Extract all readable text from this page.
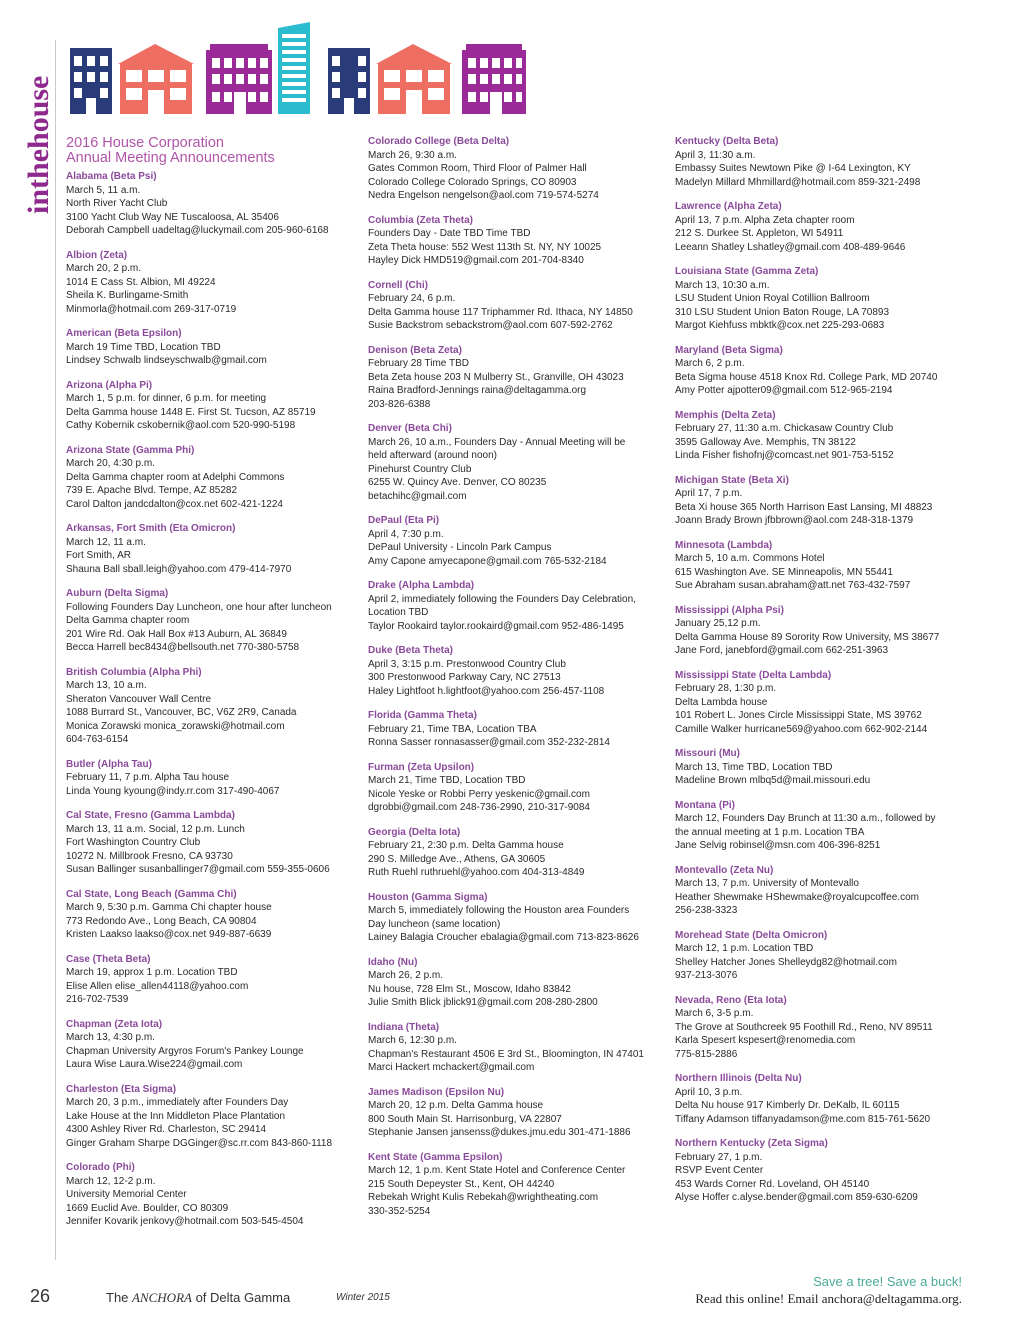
inthehouse 2016 House Corporation
Annual Meeting Announcements
Alabama (Beta Psi)
March 5, 11 a.m.
North River Yacht Club
3100 Yacht Club Way NE Tuscaloosa, AL 35406
Deborah Campbell uadeltag@luckymail.com 205-960-6168
Albion (Zeta)
March 20, 2 p.m.
1014 E Cass St. Albion, MI 49224
Sheila K. Burlingame-Smith
Minmorla@hotmail.com 269-317-0719
American (Beta Epsilon)
March 19 Time TBD, Location TBD
Lindsey Schwalb lindseyschwalb@gmail.com
Arizona (Alpha Pi)
March 1, 5 p.m. for dinner, 6 p.m. for meeting
Delta Gamma house 1448 E. First St. Tucson, AZ 85719
Cathy Kobernik cskobernik@aol.com 520-990-5198
Arizona State (Gamma Phi)
March 20, 4:30 p.m.
Delta Gamma chapter room at Adelphi Commons
739 E. Apache Blvd. Tempe, AZ 85282
Carol Dalton jandcdalton@cox.net 602-421-1224
Arkansas, Fort Smith (Eta Omicron)
March 12, 11 a.m.
Fort Smith, AR
Shauna Ball sball.leigh@yahoo.com 479-414-7970
Auburn (Delta Sigma)
Following Founders Day Luncheon, one hour after luncheon
Delta Gamma chapter room
201 Wire Rd. Oak Hall Box #13 Auburn, AL 36849
Becca Harrell bec8434@bellsouth.net 770-380-5758
British Columbia (Alpha Phi)
March 13, 10 a.m.
Sheraton Vancouver Wall Centre
1088 Burrard St., Vancouver, BC, V6Z 2R9, Canada
Monica Zorawski monica_zorawski@hotmail.com
604-763-6154
Butler (Alpha Tau)
February 11, 7 p.m. Alpha Tau house
Linda Young kyoung@indy.rr.com 317-490-4067
Cal State, Fresno (Gamma Lambda)
March 13, 11 a.m. Social, 12 p.m. Lunch
Fort Washington Country Club
10272 N. Millbrook Fresno, CA 93730
Susan Ballinger susanballinger7@gmail.com 559-355-0606
Cal State, Long Beach (Gamma Chi)
March 9, 5:30 p.m. Gamma Chi chapter house
773 Redondo Ave., Long Beach, CA 90804
Kristen Laakso laakso@cox.net 949-887-6639
Case (Theta Beta)
March 19, approx 1 p.m. Location TBD
Elise Allen elise_allen44118@yahoo.com
216-702-7539
Chapman (Zeta Iota)
March 13, 4:30 p.m.
Chapman University Argyros Forum's Pankey Lounge
Laura Wise Laura.Wise224@gmail.com
Charleston (Eta Sigma)
March 20, 3 p.m., immediately after Founders Day
Lake House at the Inn Middleton Place Plantation
4300 Ashley River Rd. Charleston, SC 29414
Ginger Graham Sharpe DGGinger@sc.rr.com 843-860-1118
Colorado (Phi)
March 12, 12-2 p.m.
University Memorial Center
1669 Euclid Ave. Boulder, CO 80309
Jennifer Kovarik jenkovy@hotmail.com 503-545-4504
Colorado College (Beta Delta)
March 26, 9:30 a.m.
Gates Common Room, Third Floor of Palmer Hall
Colorado College Colorado Springs, CO 80903
Nedra Engelson nengelson@aol.com 719-574-5274
Columbia (Zeta Theta)
Founders Day - Date TBD Time TBD
Zeta Theta house: 552 West 113th St. NY, NY 10025
Hayley Dick HMD519@gmail.com 201-704-8340
Cornell (Chi)
February 24, 6 p.m.
Delta Gamma house 117 Triphammer Rd. Ithaca, NY 14850
Susie Backstrom sebackstrom@aol.com 607-592-2762
Denison (Beta Zeta)
February 28 Time TBD
Beta Zeta house 203 N Mulberry St., Granville, OH 43023
Raina Bradford-Jennings raina@deltagamma.org
203-826-6388
Denver (Beta Chi)
March 26, 10 a.m., Founders Day - Annual Meeting will be
held afterward (around noon)
Pinehurst Country Club
6255 W. Quincy Ave. Denver, CO 80235
betachihc@gmail.com
DePaul (Eta Pi)
April 4, 7:30 p.m.
DePaul University - Lincoln Park Campus
Amy Capone amyecapone@gmail.com 765-532-2184
Drake (Alpha Lambda)
April 2, immediately following the Founders Day Celebration,
Location TBD
Taylor Rookaird taylor.rookaird@gmail.com 952-486-1495
Duke (Beta Theta)
April 3, 3:15 p.m. Prestonwood Country Club
300 Prestonwood Parkway Cary, NC 27513
Haley Lightfoot h.lightfoot@yahoo.com 256-457-1108
Florida (Gamma Theta)
February 21, Time TBA, Location TBA
Ronna Sasser ronnasasser@gmail.com 352-232-2814
Furman (Zeta Upsilon)
March 21, Time TBD, Location TBD
Nicole Yeske or Robbi Perry yeskenic@gmail.com
dgrobbi@gmail.com 248-736-2990, 210-317-9084
Georgia (Delta Iota)
February 21, 2:30 p.m. Delta Gamma house
290 S. Milledge Ave., Athens, GA 30605
Ruth Ruehl ruthruehl@yahoo.com 404-313-4849
Houston (Gamma Sigma)
March 5, immediately following the Houston area Founders
Day luncheon (same location)
Lainey Balagia Croucher ebalagia@gmail.com 713-823-8626
Idaho (Nu)
March 26, 2 p.m.
Nu house, 728 Elm St., Moscow, Idaho 83842
Julie Smith Blick jblick91@gmail.com 208-280-2800
Indiana (Theta)
March 6, 12:30 p.m.
Chapman's Restaurant 4506 E 3rd St., Bloomington, IN 47401
Marci Hackert mchackert@gmail.com
James Madison (Epsilon Nu)
March 20, 12 p.m. Delta Gamma house
800 South Main St. Harrisonburg, VA 22807
Stephanie Jansen jansenss@dukes.jmu.edu 301-471-1886
Kent State (Gamma Epsilon)
March 12, 1 p.m. Kent State Hotel and Conference Center
215 South Depeyster St., Kent, OH 44240
Rebekah Wright Kulis Rebekah@wrightheating.com
330-352-5254
Kentucky (Delta Beta)
April 3, 11:30 a.m.
Embassy Suites Newtown Pike @ I-64 Lexington, KY
Madelyn Millard Mhmillard@hotmail.com 859-321-2498
Lawrence (Alpha Zeta)
April 13, 7 p.m. Alpha Zeta chapter room
212 S. Durkee St. Appleton, WI 54911
Leeann Shatley Lshatley@gmail.com 408-489-9646
Louisiana State (Gamma Zeta)
March 13, 10:30 a.m.
LSU Student Union Royal Cotillion Ballroom
310 LSU Student Union Baton Rouge, LA 70893
Margot Kiehfuss mbktk@cox.net 225-293-0683
Maryland (Beta Sigma)
March 6, 2 p.m.
Beta Sigma house 4518 Knox Rd. College Park, MD 20740
Amy Potter ajpotter09@gmail.com 512-965-2194
Memphis (Delta Zeta)
February 27, 11:30 a.m. Chickasaw Country Club
3595 Galloway Ave. Memphis, TN 38122
Linda Fisher fishofnj@comcast.net 901-753-5152
Michigan State (Beta Xi)
April 17, 7 p.m.
Beta Xi house 365 North Harrison East Lansing, MI 48823
Joann Brady Brown jfbbrown@aol.com 248-318-1379
Minnesota (Lambda)
March 5, 10 a.m. Commons Hotel
615 Washington Ave. SE Minneapolis, MN 55441
Sue Abraham susan.abraham@att.net 763-432-7597
Mississippi (Alpha Psi)
January 25,12 p.m.
Delta Gamma House 89 Sorority Row University, MS 38677
Jane Ford, janebford@gmail.com 662-251-3963
Mississippi State (Delta Lambda)
February 28, 1:30 p.m.
Delta Lambda house
101 Robert L. Jones Circle Mississippi State, MS 39762
Camille Walker hurricane569@yahoo.com 662-902-2144
Missouri (Mu)
March 13, Time TBD, Location TBD
Madeline Brown mlbq5d@mail.missouri.edu
Montana (Pi)
March 12, Founders Day Brunch at 11:30 a.m., followed by
the annual meeting at 1 p.m. Location TBA
Jane Selvig robinsel@msn.com 406-396-8251
Montevallo (Zeta Nu)
March 13, 7 p.m. University of Montevallo
Heather Shewmake HShewmake@royalcupcoffee.com
256-238-3323
Morehead State (Delta Omicron)
March 12, 1 p.m. Location TBD
Shelley Hatcher Jones Shelleydg82@hotmail.com
937-213-3076
Nevada, Reno (Eta Iota)
March 6, 3-5 p.m.
The Grove at Southcreek 95 Foothill Rd., Reno, NV 89511
Karla Spesert kspesert@renomedia.com
775-815-2886
Northern Illinois (Delta Nu)
April 10, 3 p.m.
Delta Nu house 917 Kimberly Dr. DeKalb, IL 60115
Tiffany Adamson tiffanyadamson@me.com 815-761-5620
Northern Kentucky (Zeta Sigma)
February 27, 1 p.m.
RSVP Event Center
453 Wards Corner Rd. Loveland, OH 45140
Alyse Hoffer c.alyse.bender@gmail.com 859-630-6209
26	The ANCHORA of Delta Gamma	Winter 2015
Save a tree! Save a buck!
Read this online! Email anchora@deltagamma.org.
